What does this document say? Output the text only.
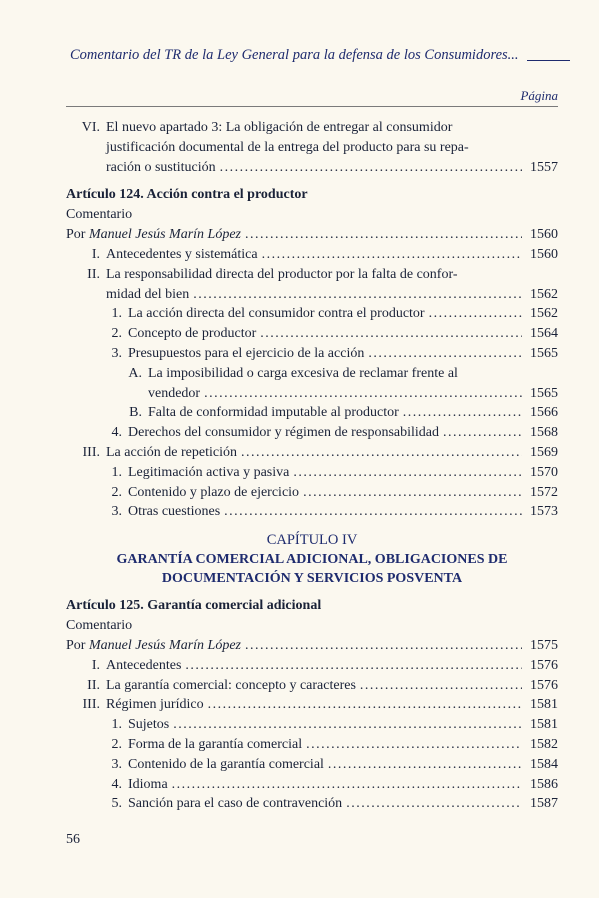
Comentario del TR de la Ley General para la defensa de los Consumidores...
Página
VI. El nuevo apartado 3: La obligación de entregar al consumidor
justificación documental de la entrega del producto para su repa-
ración o sustitución .....	1557
Artículo 124. Acción contra el productor
Comentario
Por Manuel Jesús Marín López .....	1560
I. Antecedentes y sistemática .....	1560
II. La responsabilidad directa del productor por la falta de confor-
midad del bien .....	1562
1. La acción directa del consumidor contra el productor .....	1562
2. Concepto de productor .....	1564
3. Presupuestos para el ejercicio de la acción .....	1565
A. La imposibilidad o carga excesiva de reclamar frente al
vendedor .....	1565
B. Falta de conformidad imputable al productor .....	1566
4. Derechos del consumidor y régimen de responsabilidad .....	1568
III. La acción de repetición .....	1569
1. Legitimación activa y pasiva .....	1570
2. Contenido y plazo de ejercicio .....	1572
3. Otras cuestiones .....	1573
CAPÍTULO IV
GARANTÍA COMERCIAL ADICIONAL, OBLIGACIONES DE
DOCUMENTACIÓN Y SERVICIOS POSVENTA
Artículo 125. Garantía comercial adicional
Comentario
Por Manuel Jesús Marín López .....	1575
I. Antecedentes .....	1576
II. La garantía comercial: concepto y caracteres .....	1576
III. Régimen jurídico .....	1581
1. Sujetos .....	1581
2. Forma de la garantía comercial .....	1582
3. Contenido de la garantía comercial .....	1584
4. Idioma .....	1586
5. Sanción para el caso de contravención .....	1587
56
